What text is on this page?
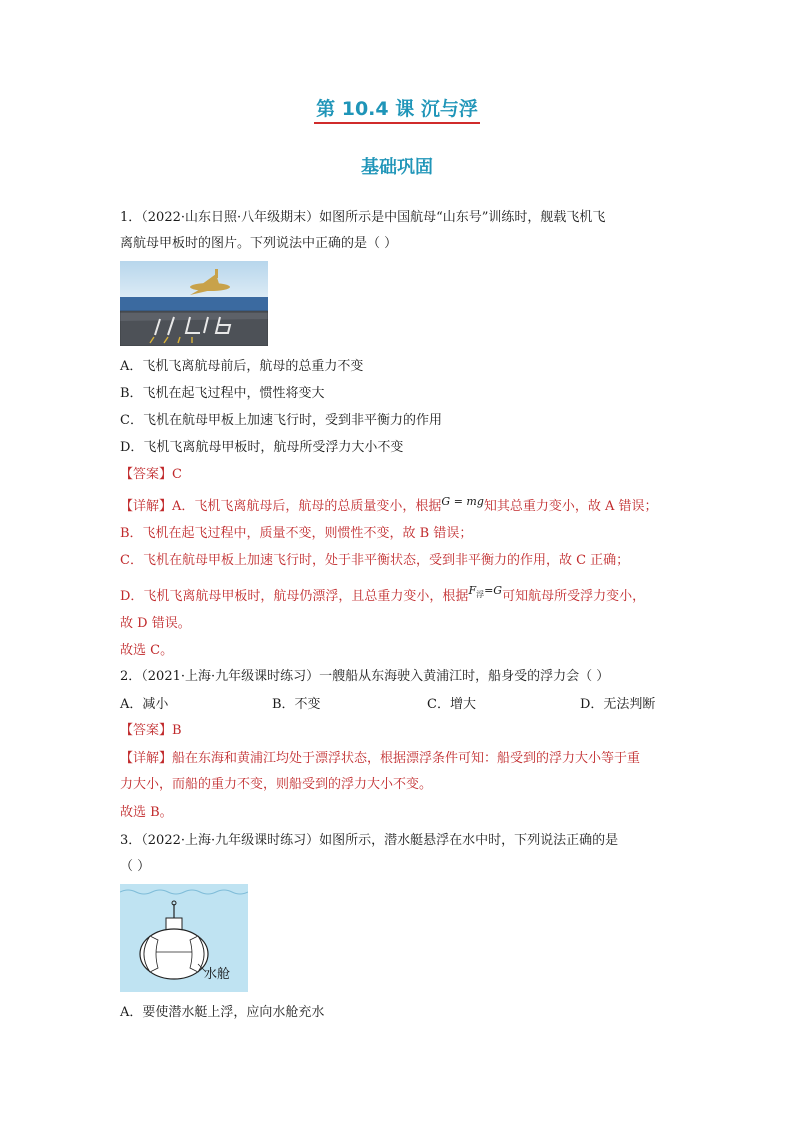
第 10.4 课 沉与浮
基础巩固
1．（2022·山东日照·八年级期末）如图所示是中国航母“山东号”训练时，舰载飞机飞
离航母甲板时的图片。下列说法中正确的是（ ）
A．飞机飞离航母前后，航母的总重力不变
B．飞机在起飞过程中，惯性将变大
C．飞机在航母甲板上加速飞行时，受到非平衡力的作用
D．飞机飞离航母甲板时，航母所受浮力大小不变
【答案】C
【详解】A．飞机飞离航母后，航母的总质量变小，根据$^{G = mg}$知其总重力变小，故 A 错误；
B．飞机在起飞过程中，质量不变，则惯性不变，故 B 错误；
C．飞机在航母甲板上加速飞行时，处于非平衡状态，受到非平衡力的作用，故 C 正确；
D．飞机飞离航母甲板时，航母仍漂浮，且总重力变小，根据$^{F_浮=G}$可知航母所受浮力变小，
故 D 错误。
故选 C。
2．（2021·上海·九年级课时练习）一艘船从东海驶入黄浦江时，船身受的浮力会（ ）
A．减小	B．不变	C．增大	D．无法判断
【答案】B
【详解】船在东海和黄浦江均处于漂浮状态，根据漂浮条件可知：船受到的浮力大小等于重
力大小，而船的重力不变，则船受到的浮力大小不变。
故选 B。
3．（2022·上海·九年级课时练习）如图所示，潜水艇悬浮在水中时，下列说法正确的是
（ ）
水舱
A．要使潜水艇上浮，应向水舱充水
